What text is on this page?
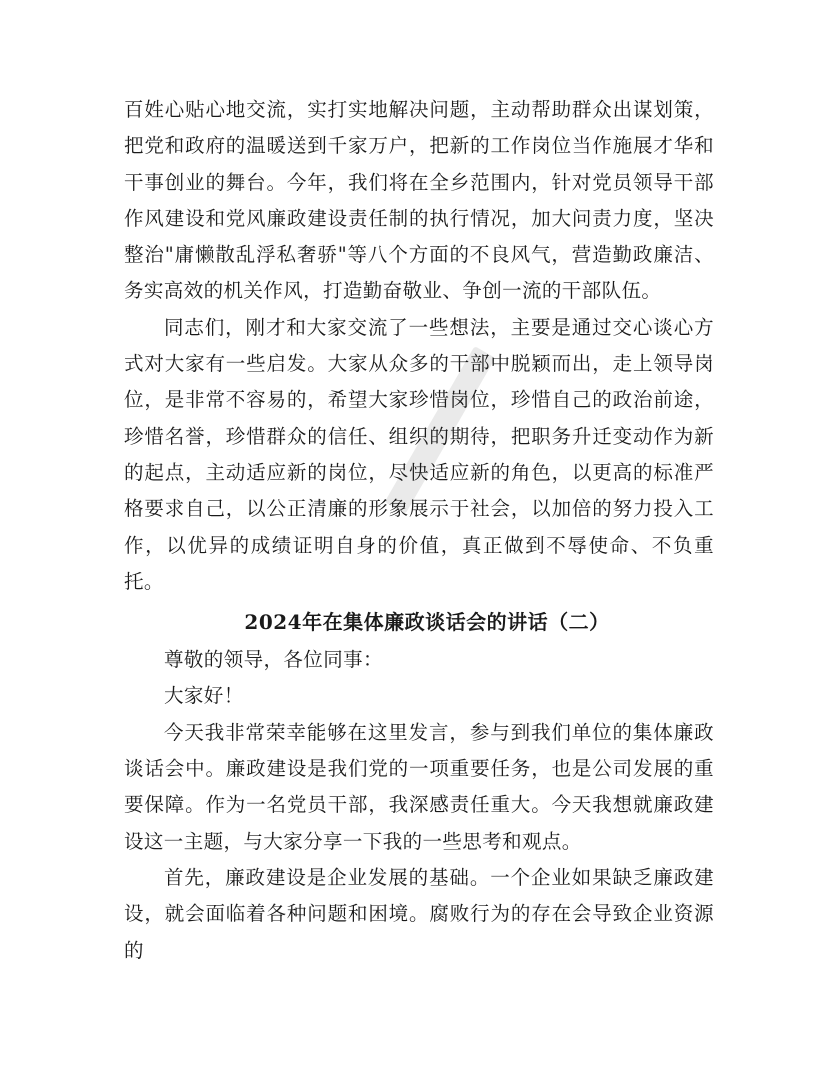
百姓心贴心地交流，实打实地解决问题，主动帮助群众出谋划策，把党和政府的温暖送到千家万户，把新的工作岗位当作施展才华和干事创业的舞台。今年，我们将在全乡范围内，针对党员领导干部作风建设和党风廉政建设责任制的执行情况，加大问责力度，坚决整治"庸懒散乱浮私奢骄"等八个方面的不良风气，营造勤政廉洁、务实高效的机关作风，打造勤奋敬业、争创一流的干部队伍。

同志们，刚才和大家交流了一些想法，主要是通过交心谈心方式对大家有一些启发。大家从众多的干部中脱颖而出，走上领导岗位，是非常不容易的，希望大家珍惜岗位，珍惜自己的政治前途，珍惜名誉，珍惜群众的信任、组织的期待，把职务升迁变动作为新的起点，主动适应新的岗位，尽快适应新的角色，以更高的标准严格要求自己，以公正清廉的形象展示于社会，以加倍的努力投入工作，以优异的成绩证明自身的价值，真正做到不辱使命、不负重托。

2024年在集体廉政谈话会的讲话（二）

尊敬的领导，各位同事：

大家好！

今天我非常荣幸能够在这里发言，参与到我们单位的集体廉政谈话会中。廉政建设是我们党的一项重要任务，也是公司发展的重要保障。作为一名党员干部，我深感责任重大。今天我想就廉政建设这一主题，与大家分享一下我的一些思考和观点。

首先，廉政建设是企业发展的基础。一个企业如果缺乏廉政建设，就会面临着各种问题和困境。腐败行为的存在会导致企业资源的
